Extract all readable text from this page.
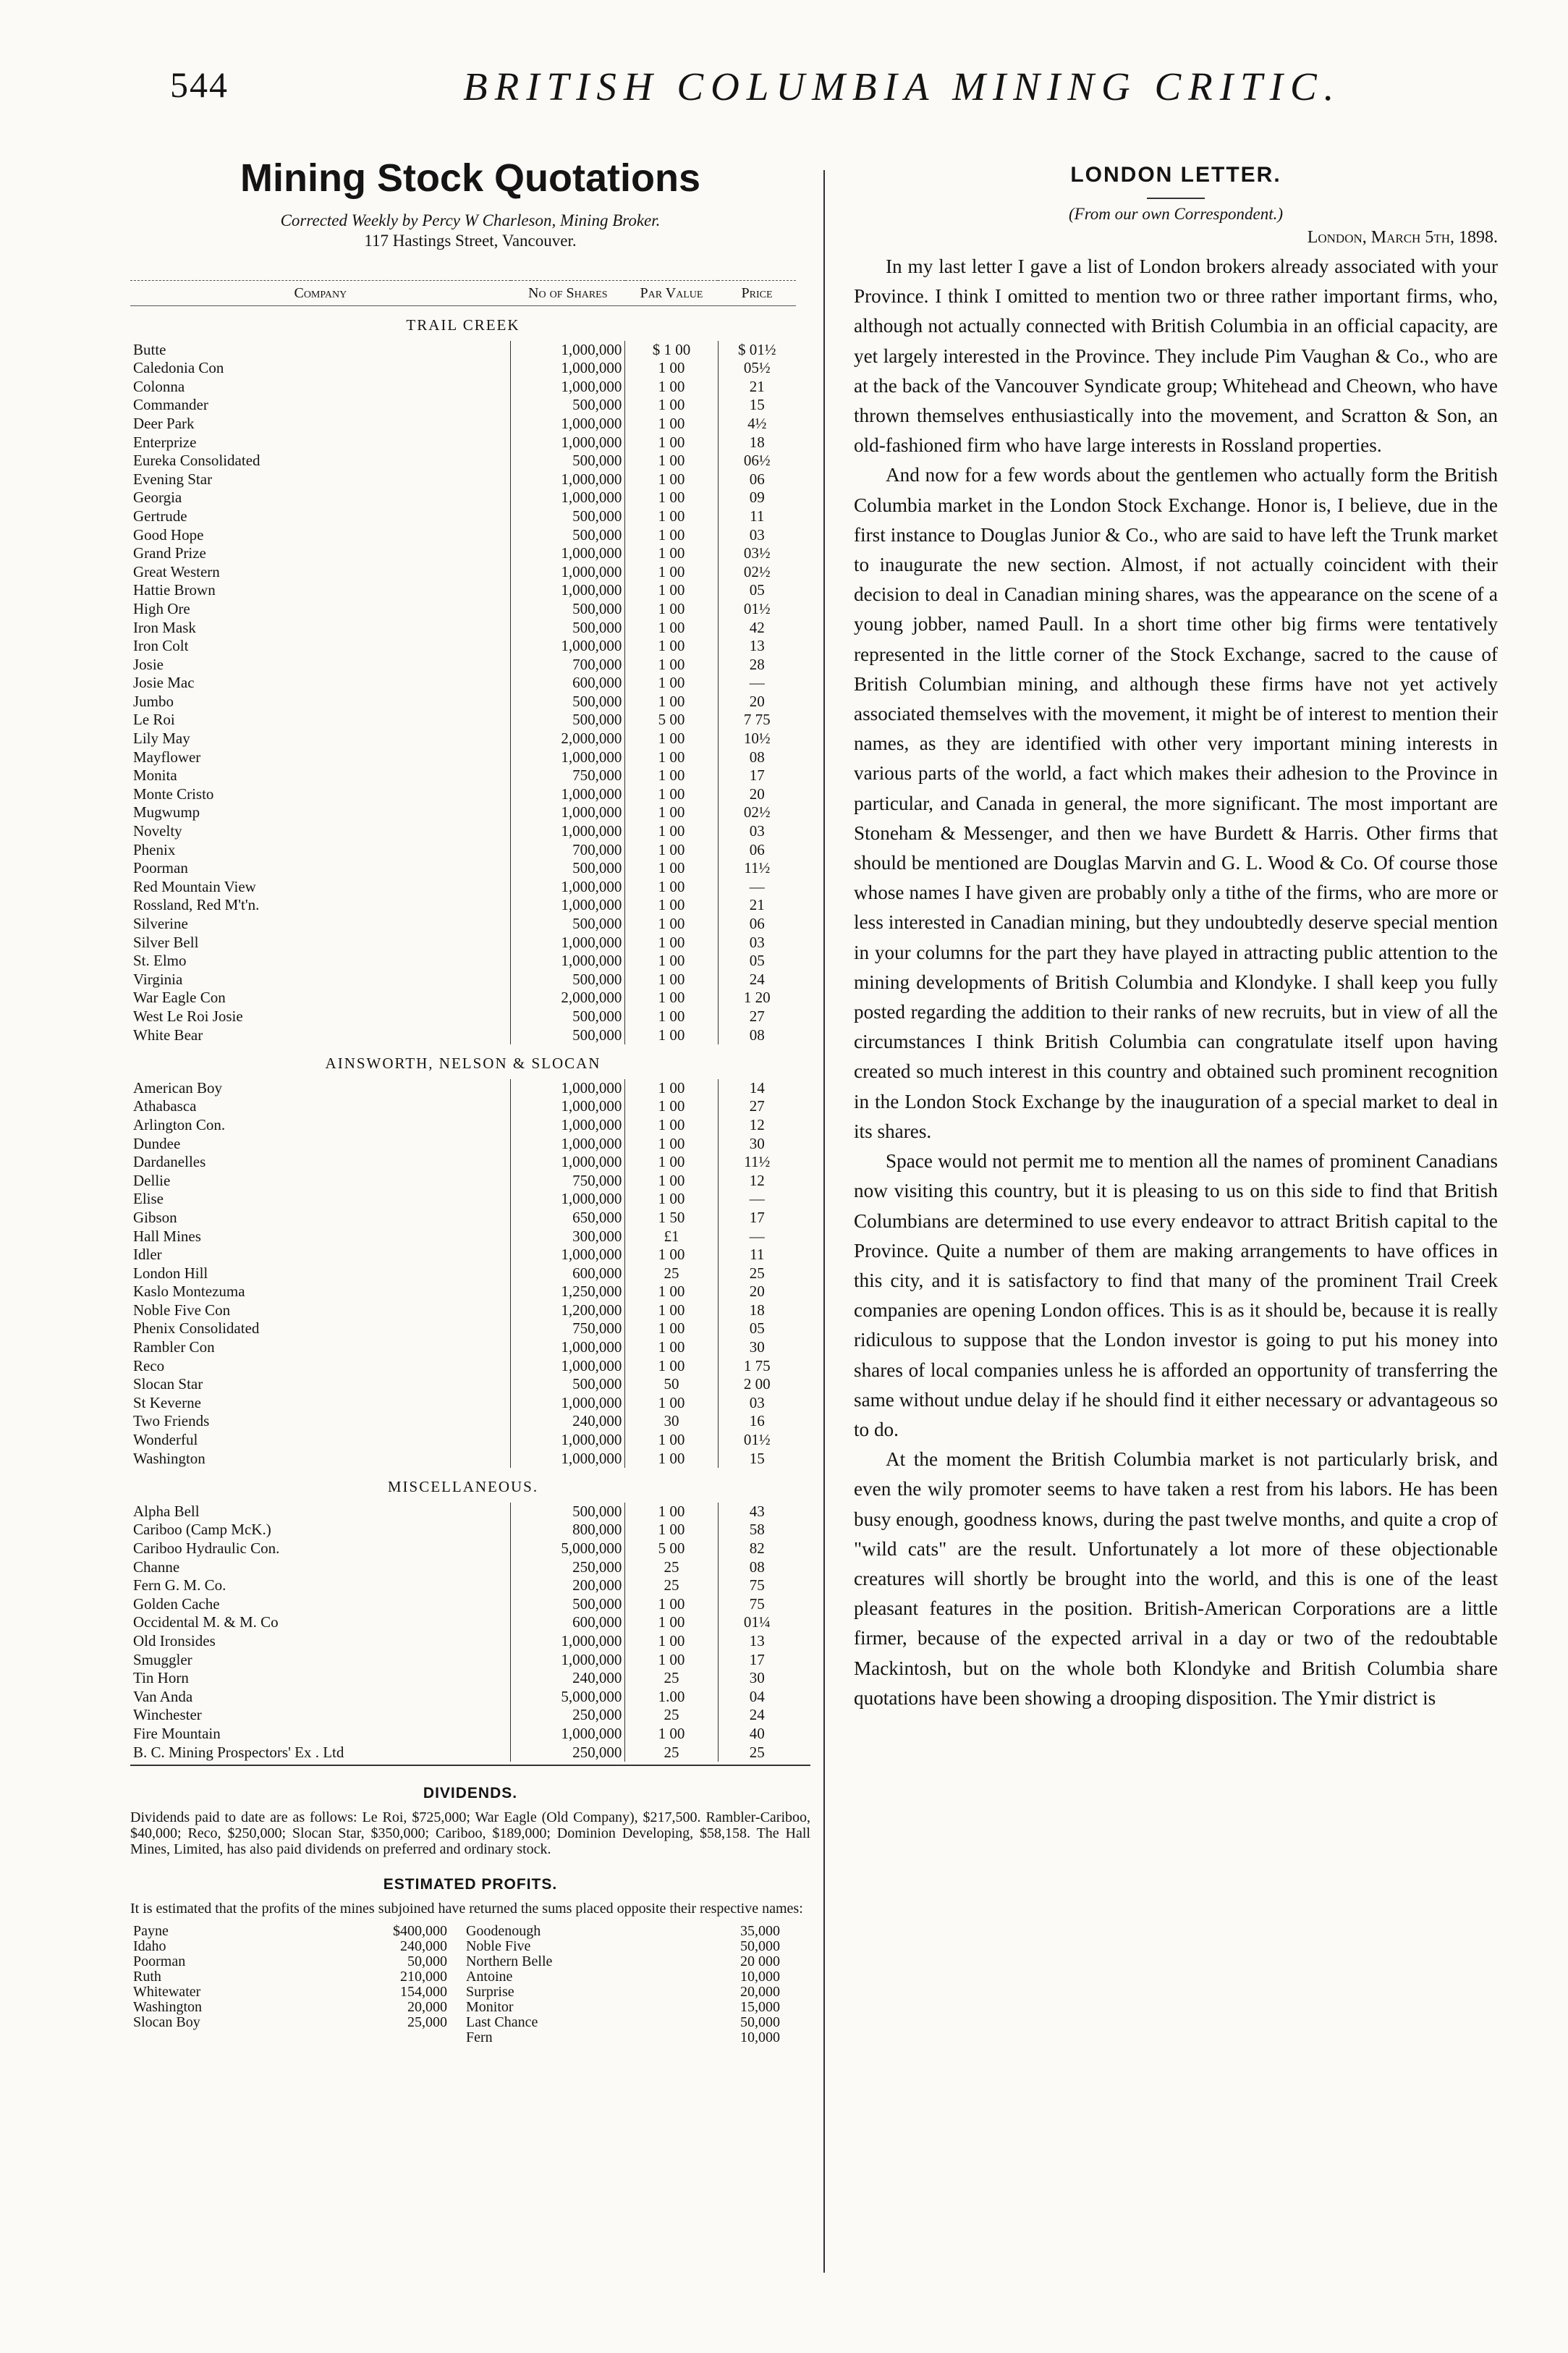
544	BRITISH COLUMBIA MINING CRITIC.
Mining Stock Quotations
Corrected Weekly by Percy W Charleson, Mining Broker.
117 Hastings Street, Vancouver.
Company	No of Shares	Par Value	Price
TRAIL CREEK			
Butte	1,000,000	$ 1 00	$ 01½
Caledonia Con	1,000,000	1 00	05½
Colonna	1,000,000	1 00	21
Commander	500,000	1 00	15
Deer Park	1,000,000	1 00	4½
Enterprize	1,000,000	1 00	18
Eureka Consolidated	500,000	1 00	06½
Evening Star	1,000,000	1 00	06
Georgia	1,000,000	1 00	09
Gertrude	500,000	1 00	11
Good Hope	500,000	1 00	03
Grand Prize	1,000,000	1 00	03½
Great Western	1,000,000	1 00	02½
Hattie Brown	1,000,000	1 00	05
High Ore	500,000	1 00	01½
Iron Mask	500,000	1 00	42
Iron Colt	1,000,000	1 00	13
Josie	700,000	1 00	28
Josie Mac	600,000	1 00	—
Jumbo	500,000	1 00	20
Le Roi	500,000	5 00	7 75
Lily May	2,000,000	1 00	10½
Mayflower	1,000,000	1 00	08
Monita	750,000	1 00	17
Monte Cristo	1,000,000	1 00	20
Mugwump	1,000,000	1 00	02½
Novelty	1,000,000	1 00	03
Phenix	700,000	1 00	06
Poorman	500,000	1 00	11½
Red Mountain View	1,000,000	1 00	—
Rossland, Red M't'n.	1,000,000	1 00	21
Silverine	500,000	1 00	06
Silver Bell	1,000,000	1 00	03
St. Elmo	1,000,000	1 00	05
Virginia	500,000	1 00	24
War Eagle Con	2,000,000	1 00	1 20
West Le Roi Josie	500,000	1 00	27
White Bear	500,000	1 00	08
AINSWORTH, NELSON & SLOCAN			
American Boy	1,000,000	1 00	14
Athabasca	1,000,000	1 00	27
Arlington Con.	1,000,000	1 00	12
Dundee	1,000,000	1 00	30
Dardanelles	1,000,000	1 00	11½
Dellie	750,000	1 00	12
Elise	1,000,000	1 00	—
Gibson	650,000	1 50	17
Hall Mines	300,000	£1	—
Idler	1,000,000	1 00	11
London Hill	600,000	25	25
Kaslo Montezuma	1,250,000	1 00	20
Noble Five Con	1,200,000	1 00	18
Phenix Consolidated	750,000	1 00	05
Rambler Con	1,000,000	1 00	30
Reco	1,000,000	1 00	1 75
Slocan Star	500,000	50	2 00
St Keverne	1,000,000	1 00	03
Two Friends	240,000	30	16
Wonderful	1,000,000	1 00	01½
Washington	1,000,000	1 00	15
MISCELLANEOUS.			
Alpha Bell	500,000	1 00	43
Cariboo (Camp McK.)	800,000	1 00	58
Cariboo Hydraulic Con.	5,000,000	5 00	82
Channe	250,000	25	08
Fern G. M. Co.	200,000	25	75
Golden Cache	500,000	1 00	75
Occidental M. & M. Co	600,000	1 00	01¼
Old Ironsides	1,000,000	1 00	13
Smuggler	1,000,000	1 00	17
Tin Horn	240,000	25	30
Van Anda	5,000,000	1.00	04
Winchester	250,000	25	24
Fire Mountain	1,000,000	1 00	40
B. C. Mining Prospectors' Ex . Ltd	250,000	25	25
DIVIDENDS.
Dividends paid to date are as follows: Le Roi, $725,000; War Eagle (Old Company), $217,500. Rambler-Cariboo, $40,000; Reco, $250,000; Slocan Star, $350,000; Cariboo, $189,000; Dominion Developing, $58,158. The Hall Mines, Limited, has also paid dividends on preferred and ordinary stock.
ESTIMATED PROFITS.
It is estimated that the profits of the mines subjoined have returned the sums placed opposite their respective names:
Payne	$400,000	Goodenough	35,000
Idaho	240,000	Noble Five	50,000
Poorman	50,000	Northern Belle	20 000
Ruth	210,000	Antoine	10,000
Whitewater	154,000	Surprise	20,000
Washington	20,000	Monitor	15,000
Slocan Boy	25,000	Last Chance	50,000
		Fern	10,000
LONDON LETTER.
(From our own Correspondent.)
London, March 5th, 1898.

In my last letter I gave a list of London brokers already associated with your Province. I think I omitted to mention two or three rather important firms, who, although not actually connected with British Columbia in an official capacity, are yet largely interested in the Province. They include Pim Vaughan & Co., who are at the back of the Vancouver Syndicate group; Whitehead and Cheown, who have thrown themselves enthusiastically into the movement, and Scratton & Son, an old-fashioned firm who have large interests in Rossland properties.

And now for a few words about the gentlemen who actually form the British Columbia market in the London Stock Exchange. Honor is, I believe, due in the first instance to Douglas Junior & Co., who are said to have left the Trunk market to inaugurate the new section. Almost, if not actually coincident with their decision to deal in Canadian mining shares, was the appearance on the scene of a young jobber, named Paull. In a short time other big firms were tentatively represented in the little corner of the Stock Exchange, sacred to the cause of British Columbian mining, and although these firms have not yet actively associated themselves with the movement, it might be of interest to mention their names, as they are identified with other very important mining interests in various parts of the world, a fact which makes their adhesion to the Province in particular, and Canada in general, the more significant. The most important are Stoneham & Messenger, and then we have Burdett & Harris. Other firms that should be mentioned are Douglas Marvin and G. L. Wood & Co. Of course those whose names I have given are probably only a tithe of the firms, who are more or less interested in Canadian mining, but they undoubtedly deserve special mention in your columns for the part they have played in attracting public attention to the mining developments of British Columbia and Klondyke. I shall keep you fully posted regarding the addition to their ranks of new recruits, but in view of all the circumstances I think British Columbia can congratulate itself upon having created so much interest in this country and obtained such prominent recognition in the London Stock Exchange by the inauguration of a special market to deal in its shares.

Space would not permit me to mention all the names of prominent Canadians now visiting this country, but it is pleasing to us on this side to find that British Columbians are determined to use every endeavor to attract British capital to the Province. Quite a number of them are making arrangements to have offices in this city, and it is satisfactory to find that many of the prominent Trail Creek companies are opening London offices. This is as it should be, because it is really ridiculous to suppose that the London investor is going to put his money into shares of local companies unless he is afforded an opportunity of transferring the same without undue delay if he should find it either necessary or advantageous so to do.

At the moment the British Columbia market is not particularly brisk, and even the wily promoter seems to have taken a rest from his labors. He has been busy enough, goodness knows, during the past twelve months, and quite a crop of "wild cats" are the result. Unfortunately a lot more of these objectionable creatures will shortly be brought into the world, and this is one of the least pleasant features in the position. British-American Corporations are a little firmer, because of the expected arrival in a day or two of the redoubtable Mackintosh, but on the whole both Klondyke and British Columbia share quotations have been showing a drooping disposition. The Ymir district is
